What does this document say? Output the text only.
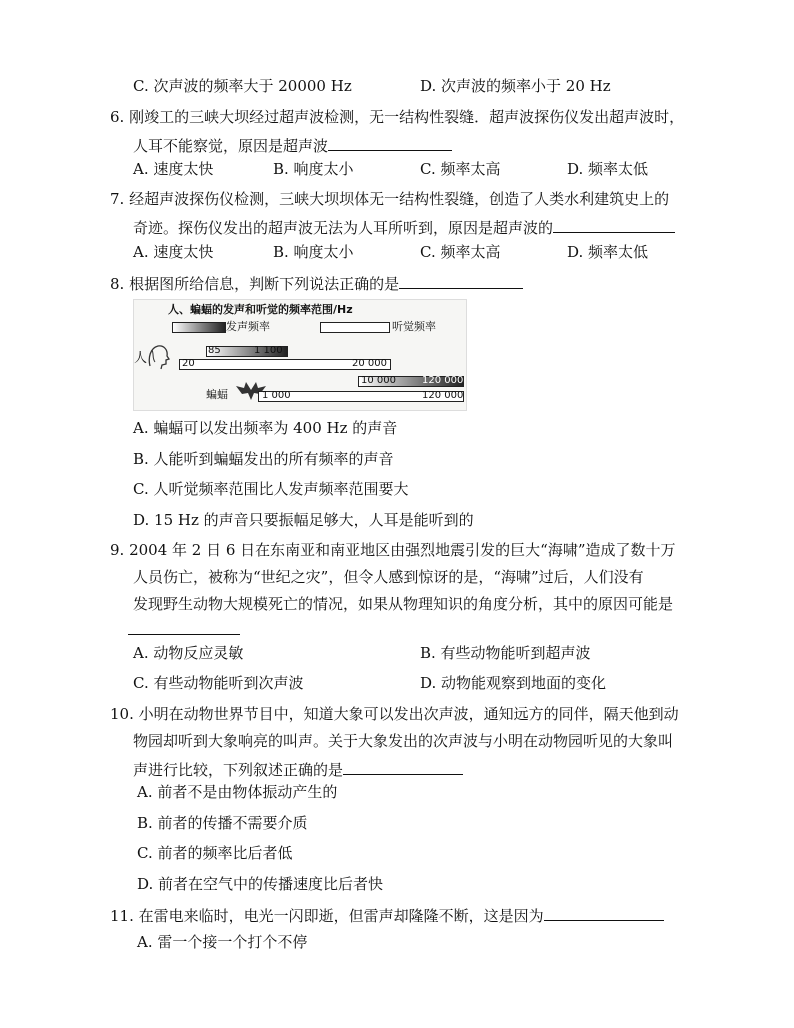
C. 次声波的频率大于 20000 Hz	D. 次声波的频率小于 20 Hz
6. 刚竣工的三峡大坝经过超声波检测，无一结构性裂缝．超声波探伤仪发出超声波时，
人耳不能察觉，原因是超声波
A. 速度太快	B. 响度太小	C. 频率太高	D. 频率太低
7. 经超声波探伤仪检测，三峡大坝坝体无一结构性裂缝，创造了人类水利建筑史上的
奇迹。探伤仪发出的超声波无法为人耳所听到，原因是超声波的
A. 速度太快	B. 响度太小	C. 频率太高	D. 频率太低
8. 根据图所给信息，判断下列说法正确的是
人、蝙蝠的发声和听觉的频率范围/Hz
发声频率	听觉频率
人
85	1 100
20	20 000
10 000	120 000
蝙蝠	1 000	120 000
A. 蝙蝠可以发出频率为 400 Hz 的声音
B. 人能听到蝙蝠发出的所有频率的声音
C. 人听觉频率范围比人发声频率范围要大
D. 15 Hz 的声音只要振幅足够大，人耳是能听到的
9. 2004 年 2 日 6 日在东南亚和南亚地区由强烈地震引发的巨大“海啸”造成了数十万
人员伤亡，被称为“世纪之灾”，但令人感到惊讶的是，“海啸”过后，人们没有
发现野生动物大规模死亡的情况，如果从物理知识的角度分析，其中的原因可能是
A. 动物反应灵敏	B. 有些动物能听到超声波
C. 有些动物能听到次声波	D. 动物能观察到地面的变化
10. 小明在动物世界节目中，知道大象可以发出次声波，通知远方的同伴，隔天他到动
物园却听到大象响亮的叫声。关于大象发出的次声波与小明在动物园听见的大象叫
声进行比较，下列叙述正确的是
A. 前者不是由物体振动产生的
B. 前者的传播不需要介质
C. 前者的频率比后者低
D. 前者在空气中的传播速度比后者快
11. 在雷电来临时，电光一闪即逝，但雷声却隆隆不断，这是因为
A. 雷一个接一个打个不停
